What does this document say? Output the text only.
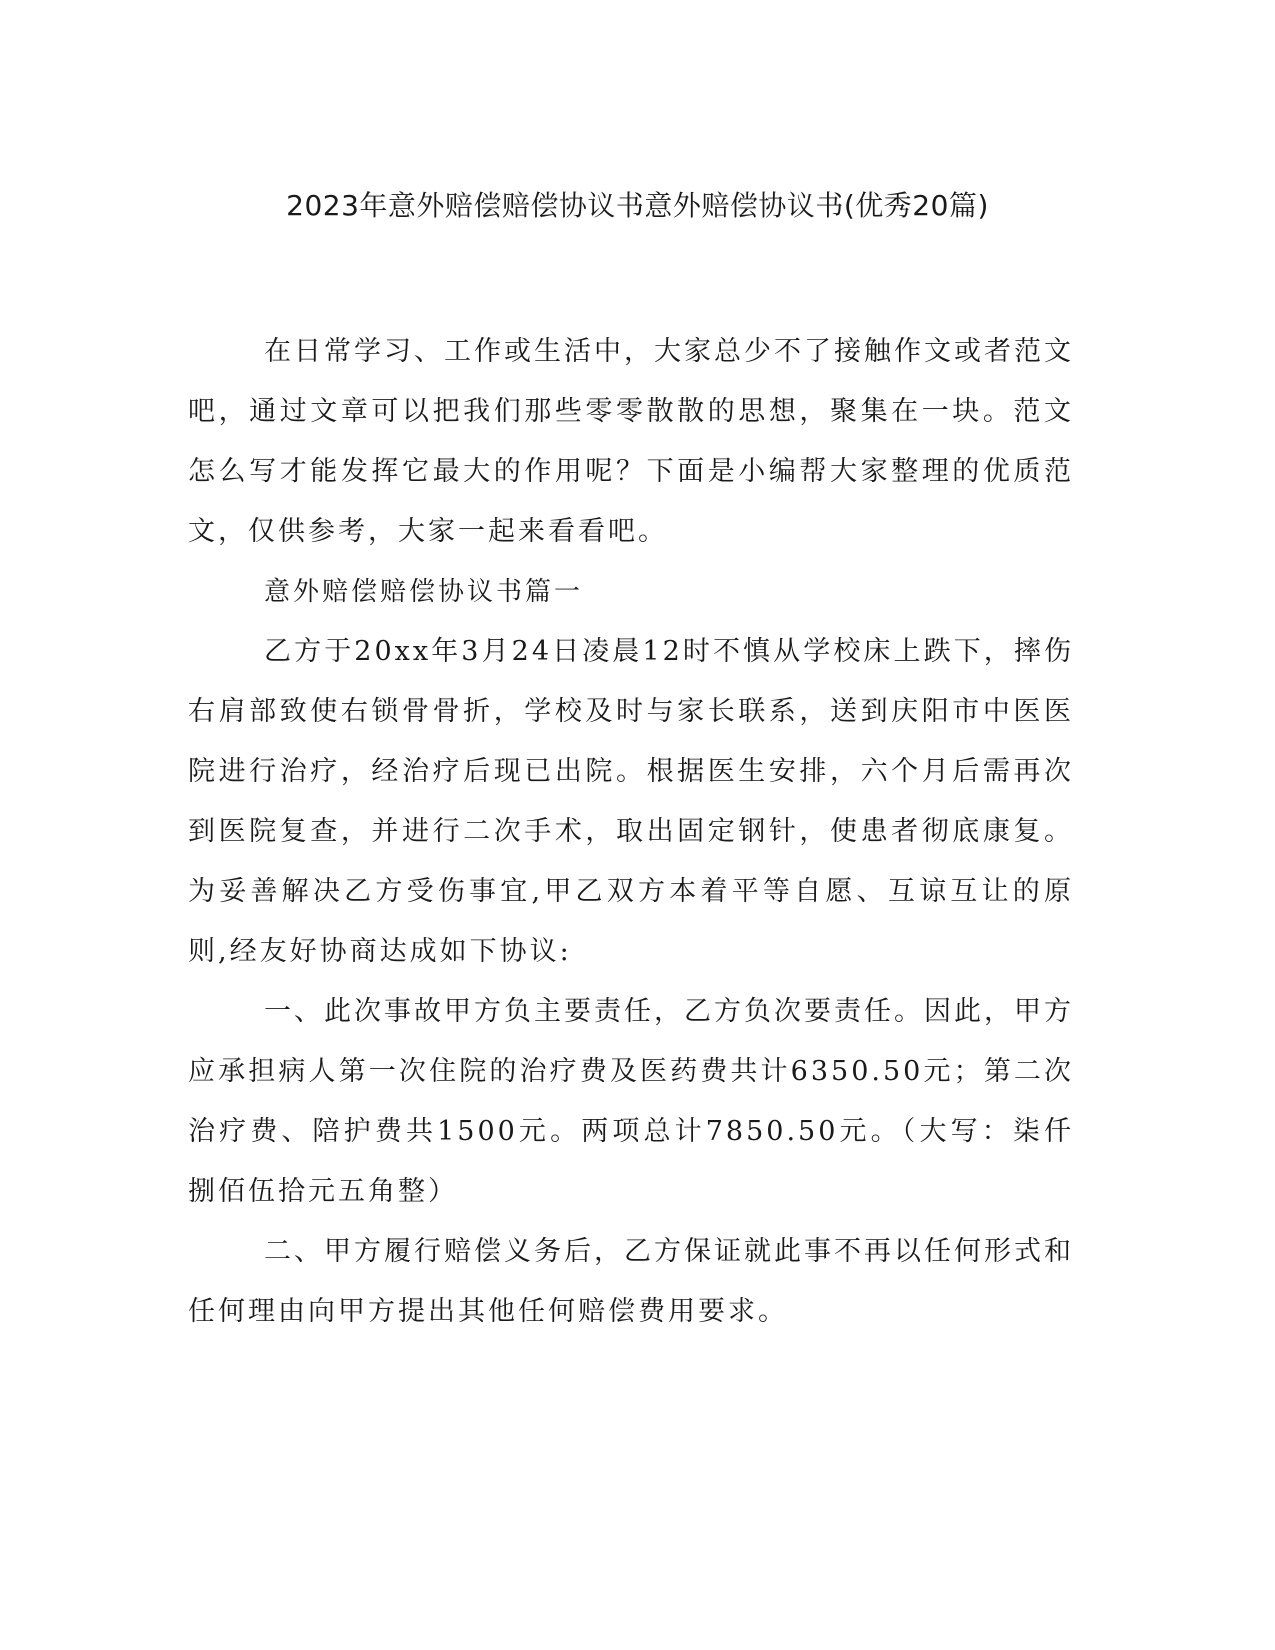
2023年意外赔偿赔偿协议书意外赔偿协议书(优秀20篇)

在日常学习、工作或生活中，大家总少不了接触作文或者范文吧，通过文章可以把我们那些零零散散的思想，聚集在一块。范文怎么写才能发挥它最大的作用呢？下面是小编帮大家整理的优质范文，仅供参考，大家一起来看看吧。

意外赔偿赔偿协议书篇一

乙方于20xx年3月24日凌晨12时不慎从学校床上跌下，摔伤右肩部致使右锁骨骨折，学校及时与家长联系，送到庆阳市中医医院进行治疗，经治疗后现已出院。根据医生安排，六个月后需再次到医院复查，并进行二次手术，取出固定钢针，使患者彻底康复。为妥善解决乙方受伤事宜,甲乙双方本着平等自愿、互谅互让的原则,经友好协商达成如下协议:

一、此次事故甲方负主要责任，乙方负次要责任。因此，甲方应承担病人第一次住院的治疗费及医药费共计6350.50元；第二次治疗费、陪护费共1500元。两项总计7850.50元。（大写：柒仟捌佰伍拾元五角整）

二、甲方履行赔偿义务后，乙方保证就此事不再以任何形式和任何理由向甲方提出其他任何赔偿费用要求。
